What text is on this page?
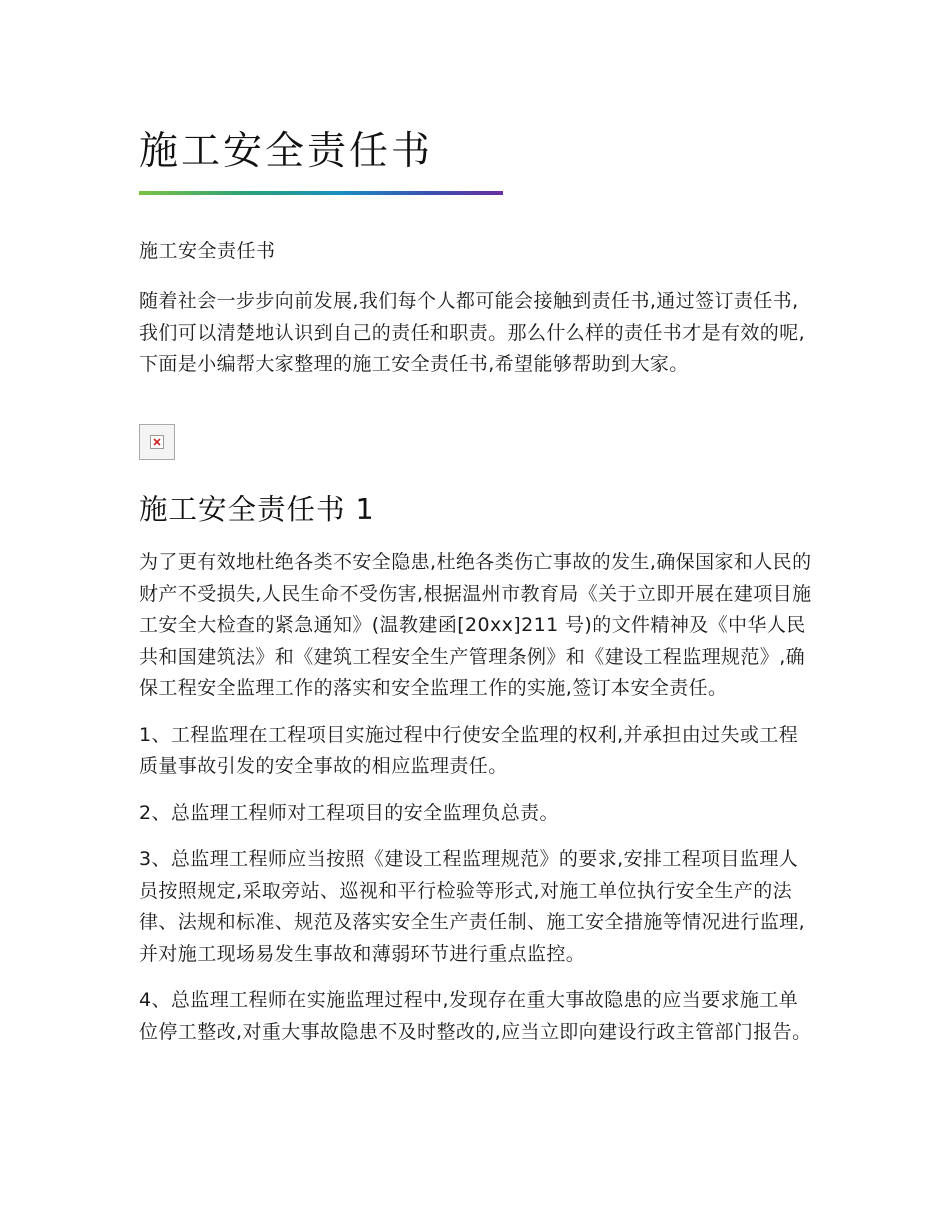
施工安全责任书

施工安全责任书

随着社会一步步向前发展,我们每个人都可能会接触到责任书,通过签订责任书,我们可以清楚地认识到自己的责任和职责。那么什么样的责任书才是有效的呢,下面是小编帮大家整理的施工安全责任书,希望能够帮助到大家。

施工安全责任书 1

为了更有效地杜绝各类不安全隐患,杜绝各类伤亡事故的发生,确保国家和人民的财产不受损失,人民生命不受伤害,根据温州市教育局《关于立即开展在建项目施工安全大检查的紧急通知》(温教建函[20xx]211 号)的文件精神及《中华人民共和国建筑法》和《建筑工程安全生产管理条例》和《建设工程监理规范》,确保工程安全监理工作的落实和安全监理工作的实施,签订本安全责任。

1、工程监理在工程项目实施过程中行使安全监理的权利,并承担由过失或工程质量事故引发的安全事故的相应监理责任。

2、总监理工程师对工程项目的安全监理负总责。

3、总监理工程师应当按照《建设工程监理规范》的要求,安排工程项目监理人员按照规定,采取旁站、巡视和平行检验等形式,对施工单位执行安全生产的法律、法规和标准、规范及落实安全生产责任制、施工安全措施等情况进行监理,并对施工现场易发生事故和薄弱环节进行重点监控。

4、总监理工程师在实施监理过程中,发现存在重大事故隐患的应当要求施工单位停工整改,对重大事故隐患不及时整改的,应当立即向建设行政主管部门报告。
